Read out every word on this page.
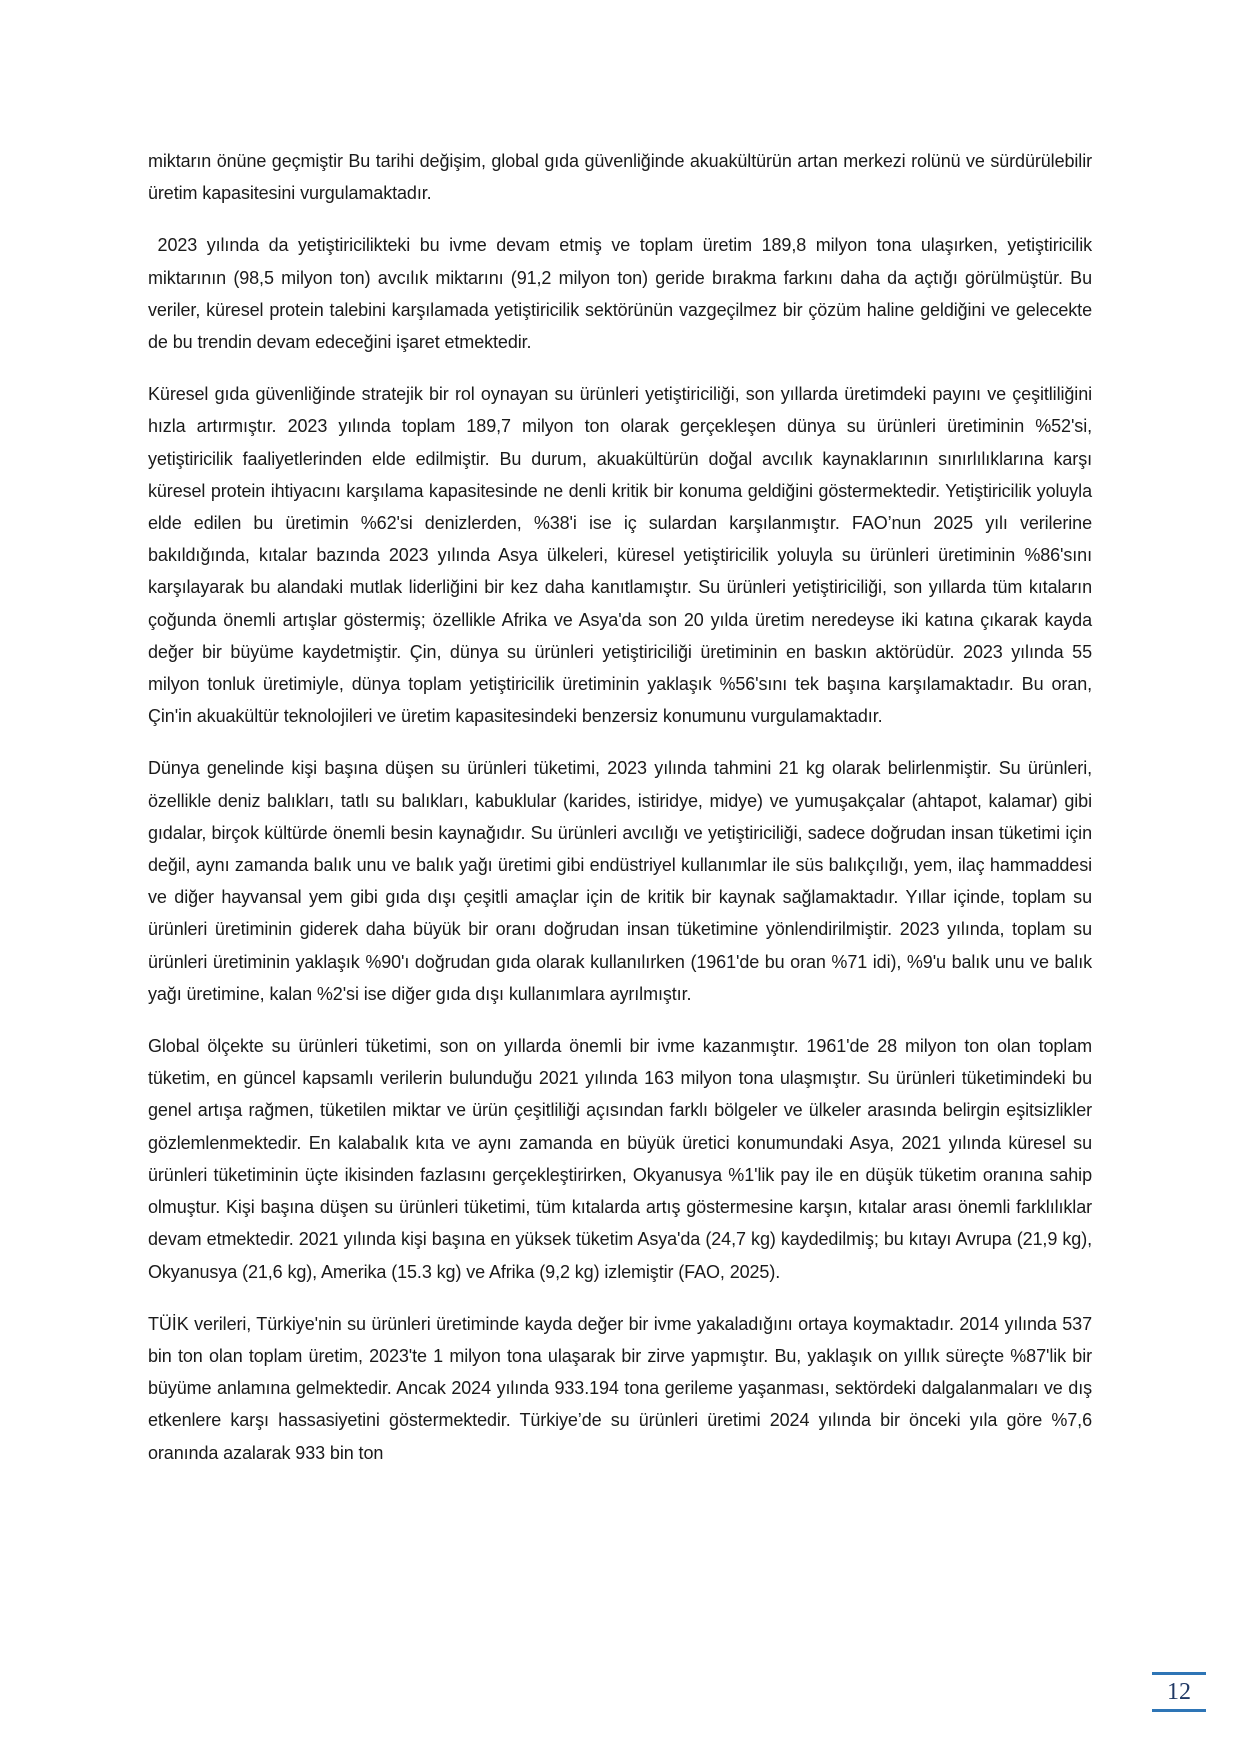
miktarın önüne geçmiştir Bu tarihi değişim, global gıda güvenliğinde akuakültürün artan merkezi rolünü ve sürdürülebilir üretim kapasitesini vurgulamaktadır.

2023 yılında da yetiştiricilikteki bu ivme devam etmiş ve toplam üretim 189,8 milyon tona ulaşırken, yetiştiricilik miktarının (98,5 milyon ton) avcılık miktarını (91,2 milyon ton) geride bırakma farkını daha da açtığı görülmüştür. Bu veriler, küresel protein talebini karşılamada yetiştiricilik sektörünün vazgeçilmez bir çözüm haline geldiğini ve gelecekte de bu trendin devam edeceğini işaret etmektedir.

Küresel gıda güvenliğinde stratejik bir rol oynayan su ürünleri yetiştiriciliği, son yıllarda üretimdeki payını ve çeşitliliğini hızla artırmıştır. 2023 yılında toplam 189,7 milyon ton olarak gerçekleşen dünya su ürünleri üretiminin %52'si, yetiştiricilik faaliyetlerinden elde edilmiştir. Bu durum, akuakültürün doğal avcılık kaynaklarının sınırlılıklarına karşı küresel protein ihtiyacını karşılama kapasitesinde ne denli kritik bir konuma geldiğini göstermektedir. Yetiştiricilik yoluyla elde edilen bu üretimin %62'si denizlerden, %38'i ise iç sulardan karşılanmıştır. FAO’nun 2025 yılı verilerine bakıldığında, kıtalar bazında 2023 yılında Asya ülkeleri, küresel yetiştiricilik yoluyla su ürünleri üretiminin %86'sını karşılayarak bu alandaki mutlak liderliğini bir kez daha kanıtlamıştır. Su ürünleri yetiştiriciliği, son yıllarda tüm kıtaların çoğunda önemli artışlar göstermiş; özellikle Afrika ve Asya'da son 20 yılda üretim neredeyse iki katına çıkarak kayda değer bir büyüme kaydetmiştir. Çin, dünya su ürünleri yetiştiriciliği üretiminin en baskın aktörüdür. 2023 yılında 55 milyon tonluk üretimiyle, dünya toplam yetiştiricilik üretiminin yaklaşık %56'sını tek başına karşılamaktadır. Bu oran, Çin'in akuakültür teknolojileri ve üretim kapasitesindeki benzersiz konumunu vurgulamaktadır.

Dünya genelinde kişi başına düşen su ürünleri tüketimi, 2023 yılında tahmini 21 kg olarak belirlenmiştir. Su ürünleri, özellikle deniz balıkları, tatlı su balıkları, kabuklular (karides, istiridye, midye) ve yumuşakçalar (ahtapot, kalamar) gibi gıdalar, birçok kültürde önemli besin kaynağıdır. Su ürünleri avcılığı ve yetiştiriciliği, sadece doğrudan insan tüketimi için değil, aynı zamanda balık unu ve balık yağı üretimi gibi endüstriyel kullanımlar ile süs balıkçılığı, yem, ilaç hammaddesi ve diğer hayvansal yem gibi gıda dışı çeşitli amaçlar için de kritik bir kaynak sağlamaktadır. Yıllar içinde, toplam su ürünleri üretiminin giderek daha büyük bir oranı doğrudan insan tüketimine yönlendirilmiştir. 2023 yılında, toplam su ürünleri üretiminin yaklaşık %90'ı doğrudan gıda olarak kullanılırken (1961'de bu oran %71 idi), %9'u balık unu ve balık yağı üretimine, kalan %2'si ise diğer gıda dışı kullanımlara ayrılmıştır.

Global ölçekte su ürünleri tüketimi, son on yıllarda önemli bir ivme kazanmıştır. 1961'de 28 milyon ton olan toplam tüketim, en güncel kapsamlı verilerin bulunduğu 2021 yılında 163 milyon tona ulaşmıştır. Su ürünleri tüketimindeki bu genel artışa rağmen, tüketilen miktar ve ürün çeşitliliği açısından farklı bölgeler ve ülkeler arasında belirgin eşitsizlikler gözlemlenmektedir. En kalabalık kıta ve aynı zamanda en büyük üretici konumundaki Asya, 2021 yılında küresel su ürünleri tüketiminin üçte ikisinden fazlasını gerçekleştirirken, Okyanusya %1'lik pay ile en düşük tüketim oranına sahip olmuştur. Kişi başına düşen su ürünleri tüketimi, tüm kıtalarda artış göstermesine karşın, kıtalar arası önemli farklılıklar devam etmektedir. 2021 yılında kişi başına en yüksek tüketim Asya'da (24,7 kg) kaydedilmiş; bu kıtayı Avrupa (21,9 kg), Okyanusya (21,6 kg), Amerika (15.3 kg) ve Afrika (9,2 kg) izlemiştir (FAO, 2025).

TÜİK verileri, Türkiye'nin su ürünleri üretiminde kayda değer bir ivme yakaladığını ortaya koymaktadır. 2014 yılında 537 bin ton olan toplam üretim, 2023'te 1 milyon tona ulaşarak bir zirve yapmıştır. Bu, yaklaşık on yıllık süreçte %87'lik bir büyüme anlamına gelmektedir. Ancak 2024 yılında 933.194 tona gerileme yaşanması, sektördeki dalgalanmaları ve dış etkenlere karşı hassasiyetini göstermektedir. Türkiye’de su ürünleri üretimi 2024 yılında bir önceki yıla göre %7,6 oranında azalarak 933 bin ton

12
